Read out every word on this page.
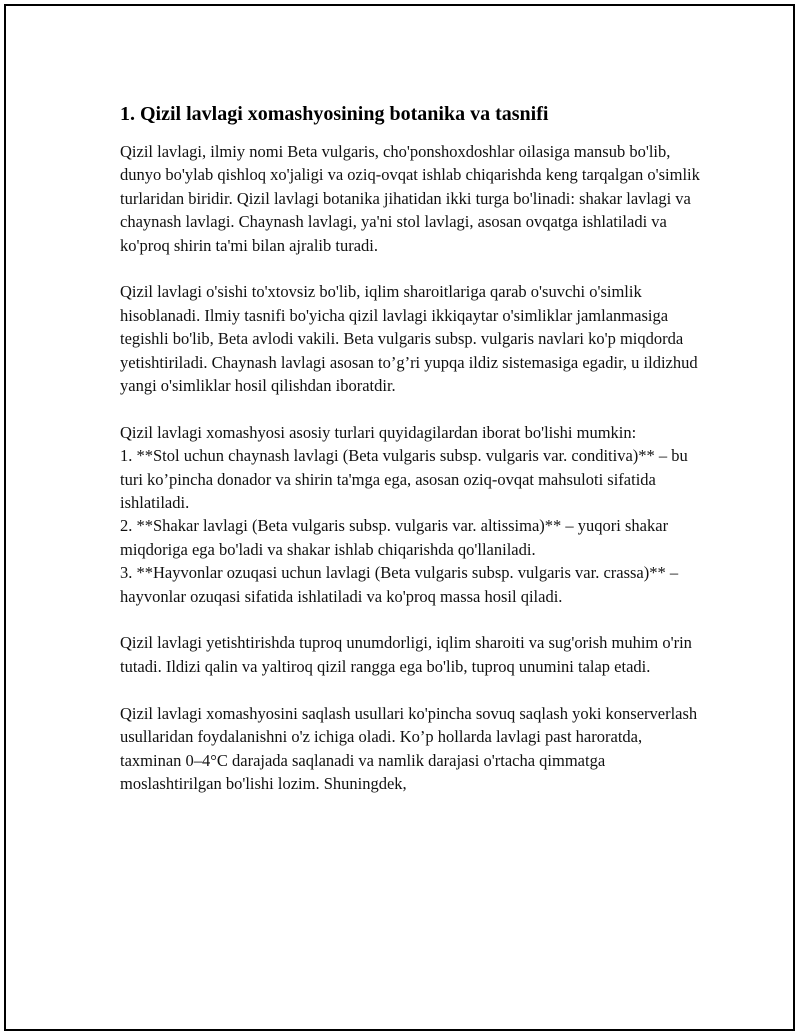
1. Qizil lavlagi xomashyosining botanika va tasnifi

Qizil lavlagi, ilmiy nomi Beta vulgaris, cho'ponshoxdoshlar oilasiga mansub bo'lib, dunyo bo'ylab qishloq xo'jaligi va oziq-ovqat ishlab chiqarishda keng tarqalgan o'simlik turlaridan biridir. Qizil lavlagi botanika jihatidan ikki turga bo'linadi: shakar lavlagi va chaynash lavlagi. Chaynash lavlagi, ya'ni stol lavlagi, asosan ovqatga ishlatiladi va ko'proq shirin ta'mi bilan ajralib turadi.

Qizil lavlagi o'sishi to'xtovsiz bo'lib, iqlim sharoitlariga qarab o'suvchi o'simlik hisoblanadi. Ilmiy tasnifi bo'yicha qizil lavlagi ikkiqaytar o'simliklar jamlanmasiga tegishli bo'lib, Beta avlodi vakili. Beta vulgaris subsp. vulgaris navlari ko'p miqdorda yetishtiriladi. Chaynash lavlagi asosan to’g’ri yupqa ildiz sistemasiga egadir, u ildizhud yangi o'simliklar hosil qilishdan iboratdir.

Qizil lavlagi xomashyosi asosiy turlari quyidagilardan iborat bo'lishi mumkin:
1. **Stol uchun chaynash lavlagi (Beta vulgaris subsp. vulgaris var. conditiva)** – bu turi ko’pincha donador va shirin ta'mga ega, asosan oziq-ovqat mahsuloti sifatida ishlatiladi.
2. **Shakar lavlagi (Beta vulgaris subsp. vulgaris var. altissima)** – yuqori shakar miqdoriga ega bo'ladi va shakar ishlab chiqarishda qo'llaniladi.
3. **Hayvonlar ozuqasi uchun lavlagi (Beta vulgaris subsp. vulgaris var. crassa)** – hayvonlar ozuqasi sifatida ishlatiladi va ko'proq massa hosil qiladi.

Qizil lavlagi yetishtirishda tuproq unumdorligi, iqlim sharoiti va sug'orish muhim o'rin tutadi. Ildizi qalin va yaltiroq qizil rangga ega bo'lib, tuproq unumini talap etadi.

Qizil lavlagi xomashyosini saqlash usullari ko'pincha sovuq saqlash yoki konserverlash usullaridan foydalanishni o'z ichiga oladi. Ko’p hollarda lavlagi past haroratda, taxminan 0–4°C darajada saqlanadi va namlik darajasi o'rtacha qimmatga moslashtirilgan bo'lishi lozim. Shuningdek,
